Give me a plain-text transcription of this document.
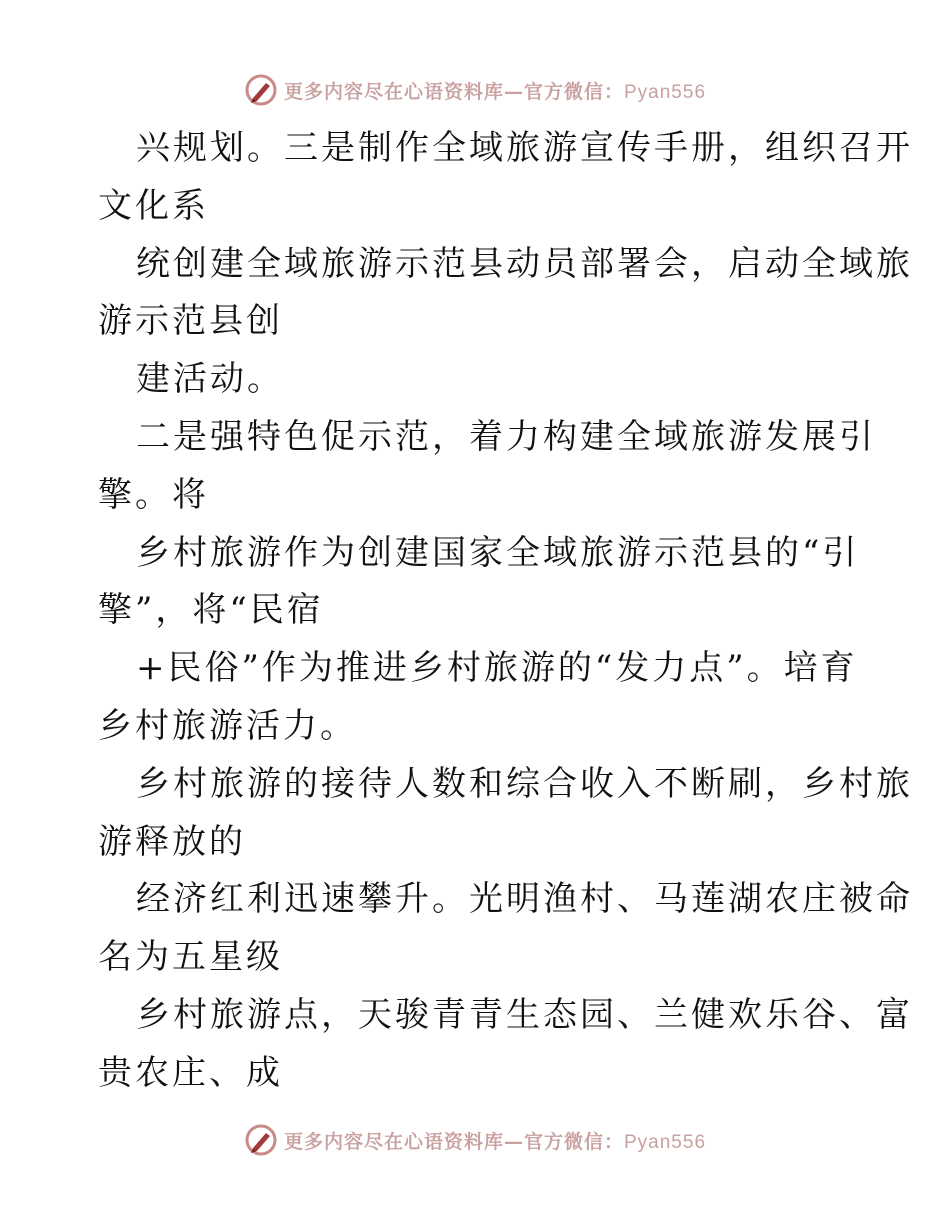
更多内容尽在心语资料库—官方微信：Pyan556
兴规划。三是制作全域旅游宣传手册，组织召开
文化系
统创建全域旅游示范县动员部署会，启动全域旅
游示范县创
建活动。
二是强特色促示范，着力构建全域旅游发展引
擎。将
乡村旅游作为创建国家全域旅游示范县的“引
擎”，将“民宿
+民俗”作为推进乡村旅游的“发力点”。培育
乡村旅游活力。
乡村旅游的接待人数和综合收入不断刷，乡村旅
游释放的
经济红利迅速攀升。光明渔村、马莲湖农庄被命
名为五星级
乡村旅游点，天骏青青生态园、兰健欢乐谷、富
贵农庄、成
更多内容尽在心语资料库—官方微信：Pyan556
